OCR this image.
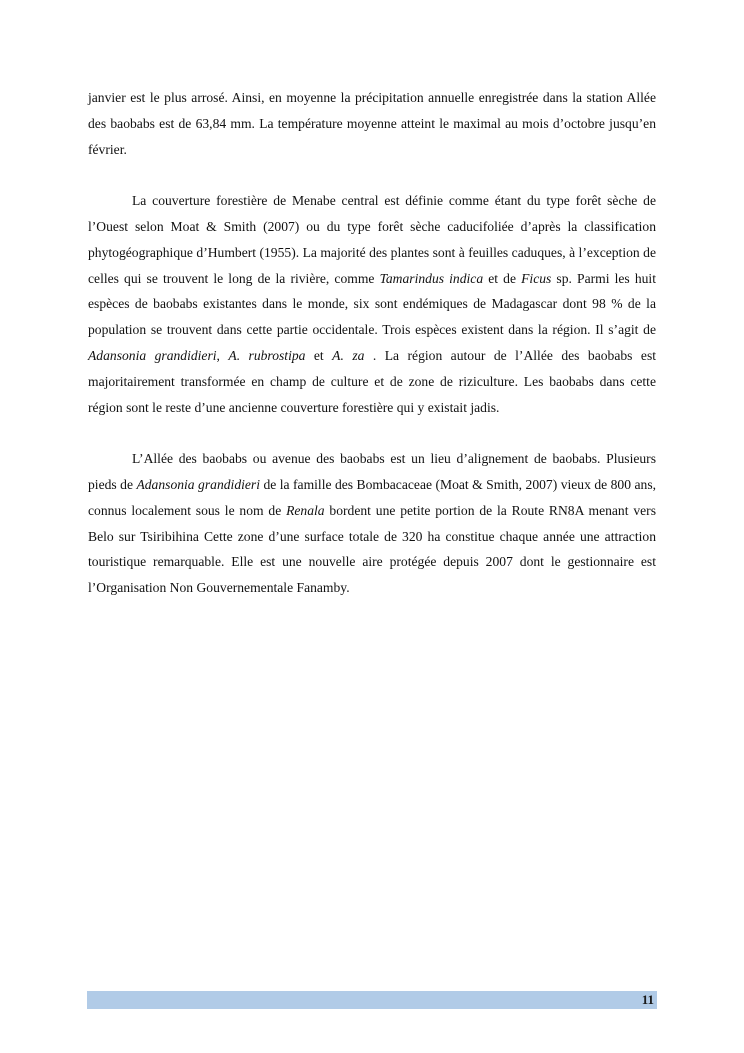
janvier est le plus arrosé. Ainsi, en moyenne la précipitation annuelle enregistrée dans la station Allée des baobabs est de 63,84 mm. La température moyenne atteint le maximal au mois d’octobre jusqu’en février.

La couverture forestière de Menabe central est définie comme étant du type forêt sèche de l’Ouest selon Moat & Smith (2007) ou du type forêt sèche caducifoliée d’après la classification phytogéographique d’Humbert (1955). La majorité des plantes sont à feuilles caduques, à l’exception de celles qui se trouvent le long de la rivière, comme Tamarindus indica et de Ficus sp. Parmi les huit espèces de baobabs existantes dans le monde, six sont endémiques de Madagascar dont 98 % de la population se trouvent dans cette partie occidentale. Trois espèces existent dans la région. Il s’agit de Adansonia grandidieri, A. rubrostipa et A. za . La région autour de l’Allée des baobabs est majoritairement transformée en champ de culture et de zone de riziculture. Les baobabs dans cette région sont le reste d’une ancienne couverture forestière qui y existait jadis.

L’Allée des baobabs ou avenue des baobabs est un lieu d’alignement de baobabs. Plusieurs pieds de Adansonia grandidieri de la famille des Bombacaceae (Moat & Smith, 2007) vieux de 800 ans, connus localement sous le nom de Renala bordent une petite portion de la Route RN8A menant vers Belo sur Tsiribihina Cette zone d’une surface totale de 320 ha constitue chaque année une attraction touristique remarquable. Elle est une nouvelle aire protégée depuis 2007 dont le gestionnaire est l’Organisation Non Gouvernementale Fanamby.

11
